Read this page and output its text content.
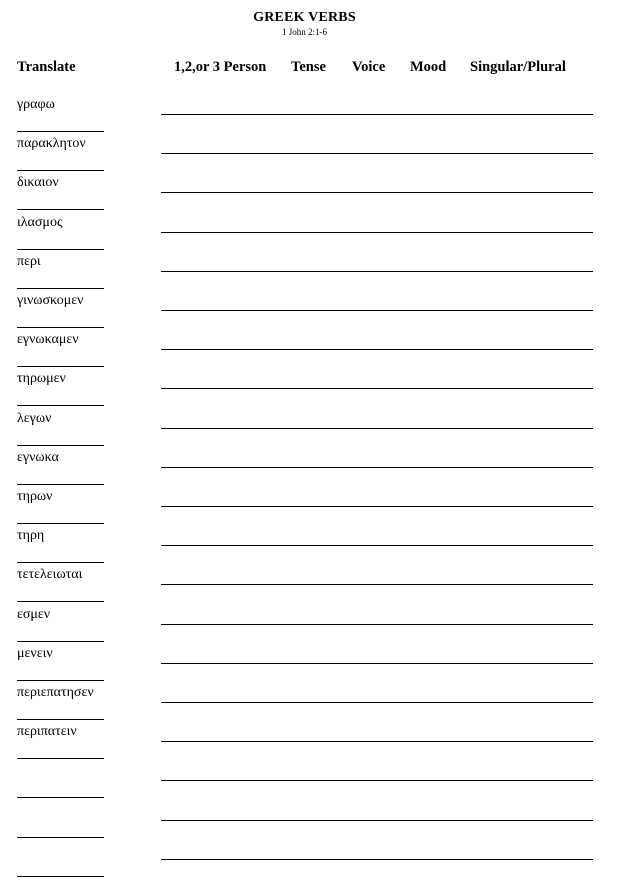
GREEK VERBS
1 John 2:1-6
Translate	1,2,or 3 Person Tense Voice Mood Singular/Plural
γραφω
παρακλητον
δικαιον
ιλασμος
περι
γινωσκομεν
εγνωκαμεν
τηρωμεν
λεγων
εγνωκα
τηρων
τηρη
τετελειωται
εσμεν
μενειν
περιεπατησεν
περιπατειν
